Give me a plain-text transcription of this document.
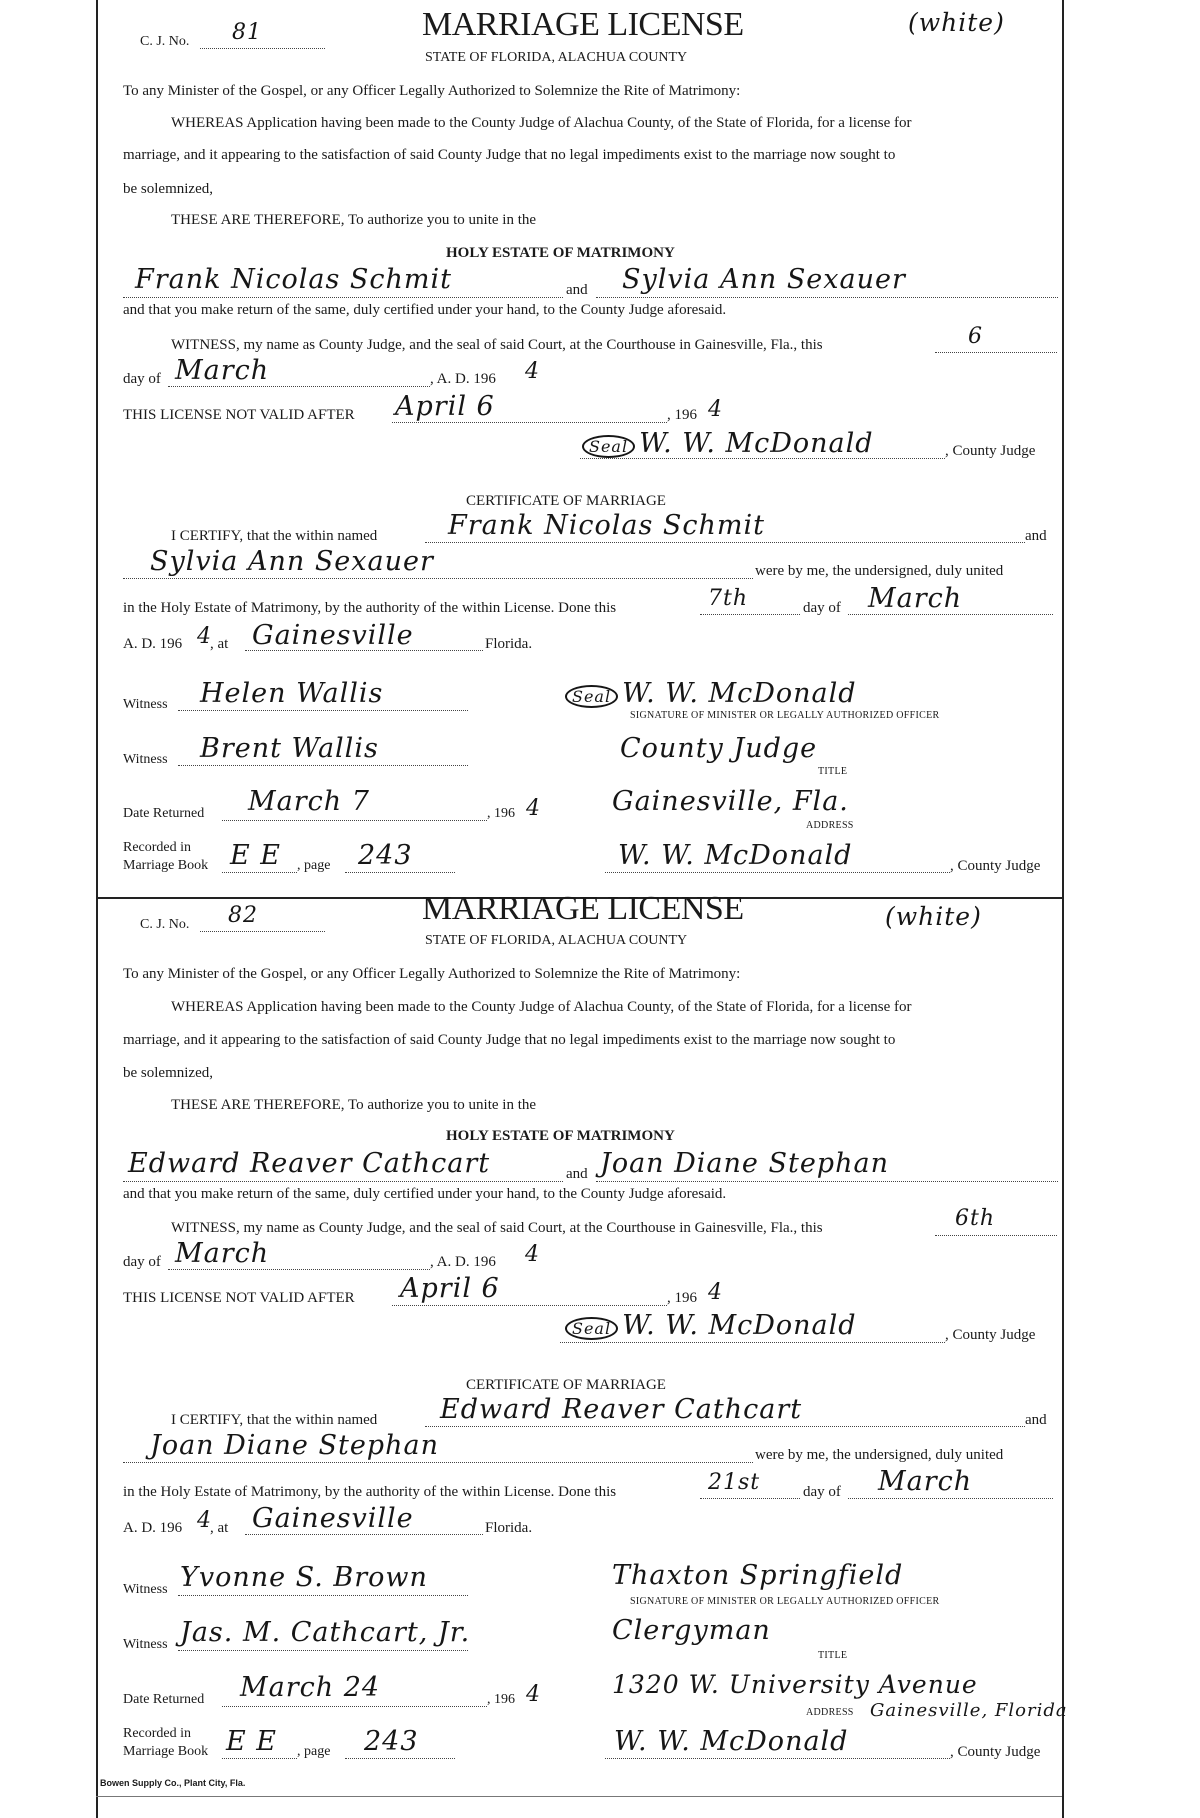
C. J. No. 81	MARRIAGE LICENSE	(white)
STATE OF FLORIDA, ALACHUA COUNTY
To any Minister of the Gospel, or any Officer Legally Authorized to Solemnize the Rite of Matrimony:
WHEREAS Application having been made to the County Judge of Alachua County, of the State of Florida, for a license for
marriage, and it appearing to the satisfaction of said County Judge that no legal impediments exist to the marriage now sought to
be solemnized,
THESE ARE THEREFORE, To authorize you to unite in the
HOLY ESTATE OF MATRIMONY
Frank Nicolas Schmit	and Sylvia Ann Sexauer
and that you make return of the same, duly certified under your hand, to the County Judge aforesaid.
WITNESS, my name as County Judge, and the seal of said Court, at the Courthouse in Gainesville, Fla., this	6
day of March	, A. D. 196 4
THIS LICENSE NOT VALID AFTER April 6	, 196 4
Seal W. W. McDonald	, County Judge
CERTIFICATE OF MARRIAGE
I CERTIFY, that the within named	Frank Nicolas Schmit	and
Sylvia Ann Sexauer	were by me, the undersigned, duly united
in the Holy Estate of Matrimony, by the authority of the within License. Done this	7th	day of March
A. D. 196 4
, at Gainesville	Florida.
Witness Helen Wallis	Seal W. W. McDonald
SIGNATURE OF MINISTER OR LEGALLY AUTHORIZED OFFICER
Witness Brent Wallis	County Judge
TITLE
Date Returned March 7	, 196 4	Gainesville, Fla.
ADDRESS
Recorded in
Marriage Book E E , page 243	W. W. McDonald	, County Judge
C. J. No. 82	MARRIAGE LICENSE	(white)
STATE OF FLORIDA, ALACHUA COUNTY
To any Minister of the Gospel, or any Officer Legally Authorized to Solemnize the Rite of Matrimony:
WHEREAS Application having been made to the County Judge of Alachua County, of the State of Florida, for a license for
marriage, and it appearing to the satisfaction of said County Judge that no legal impediments exist to the marriage now sought to
be solemnized,
THESE ARE THEREFORE, To authorize you to unite in the
HOLY ESTATE OF MATRIMONY
Edward Reaver Cathcart	and Joan Diane Stephan
and that you make return of the same, duly certified under your hand, to the County Judge aforesaid.
WITNESS, my name as County Judge, and the seal of said Court, at the Courthouse in Gainesville, Fla., this	6th
day of March	, A. D. 196 4
THIS LICENSE NOT VALID AFTER April 6	, 196 4
Seal W. W. McDonald	, County Judge
CERTIFICATE OF MARRIAGE
I CERTIFY, that the within named Edward Reaver Cathcart	and
Joan Diane Stephan	were by me, the undersigned, duly united
in the Holy Estate of Matrimony, by the authority of the within License. Done this	21st	day of March
A. D. 196 4
, at Gainesville	Florida.
Witness Yvonne S. Brown	Thaxton Springfield
SIGNATURE OF MINISTER OR LEGALLY AUTHORIZED OFFICER
Witness Jas. M. Cathcart, Jr.	Clergyman
TITLE
Date Returned March 24	, 196 4	1320 W. University Avenue
ADDRESS Gainesville, Florida
Recorded in
Marriage Book E E , page 243	W. W. McDonald	, County Judge
Bowen Supply Co., Plant City, Fla.
